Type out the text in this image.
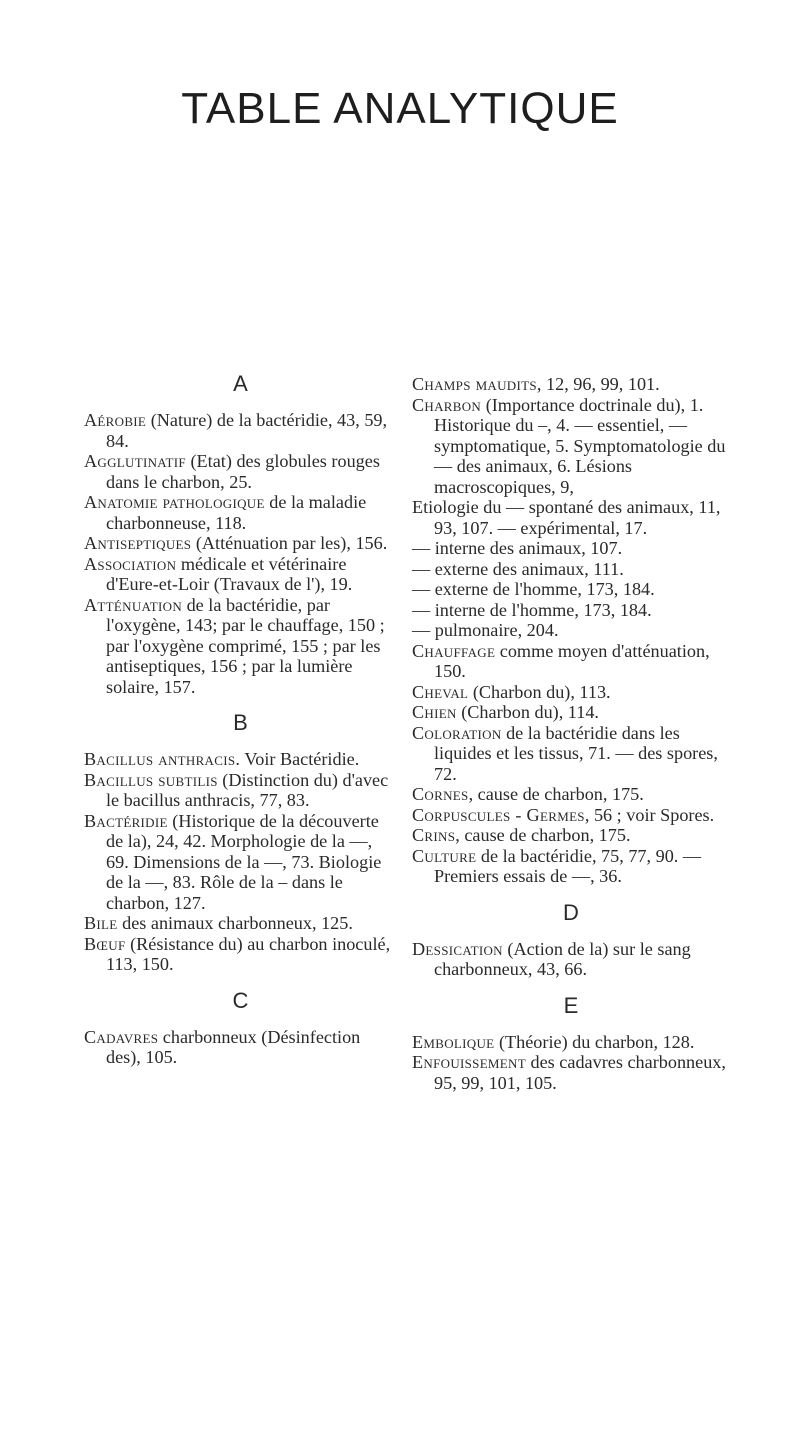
TABLE ANALYTIQUE
A

Aérobie (Nature) de la bactéridie, 43, 59, 84.

Agglutinatif (Etat) des globules rouges dans le charbon, 25.

Anatomie pathologique de la maladie charbonneuse, 118.

Antiseptiques (Atténuation par les), 156.

Association médicale et vétérinaire d'Eure-et-Loir (Travaux de l'), 19.

Atténuation de la bactéridie, par l'oxygène, 143; par le chauffage, 150 ; par l'oxygène comprimé, 155 ; par les antiseptiques, 156 ; par la lumière solaire, 157.

B

Bacillus anthracis. Voir Bactéridie.

Bacillus subtilis (Distinction du) d'avec le bacillus anthracis, 77, 83.

Bactéridie (Historique de la découverte de la), 24, 42. Morphologie de la —, 69. Dimensions de la —, 73. Biologie de la —, 83. Rôle de la – dans le charbon, 127.

Bile des animaux charbonneux, 125.

Bœuf (Résistance du) au charbon inoculé, 113, 150.

C

Cadavres charbonneux (Désinfection des), 105.

Champs maudits, 12, 96, 99, 101.

Charbon (Importance doctrinale du), 1. Historique du –, 4. — essentiel, — symptomatique, 5. Symptomatologie du — des animaux, 6. Lésions macroscopiques, 9,

Etiologie du — spontané des animaux, 11, 93, 107. — expérimental, 17.

— interne des animaux, 107.

— externe des animaux, 111.

— externe de l'homme, 173, 184.

— interne de l'homme, 173, 184.

— pulmonaire, 204.

Chauffage comme moyen d'atténuation, 150.

Cheval (Charbon du), 113.

Chien (Charbon du), 114.

Coloration de la bactéridie dans les liquides et les tissus, 71. — des spores, 72.

Cornes, cause de charbon, 175.

Corpuscules - Germes, 56 ; voir Spores.

Crins, cause de charbon, 175.

Culture de la bactéridie, 75, 77, 90. — Premiers essais de —, 36.

D

Dessication (Action de la) sur le sang charbonneux, 43, 66.

E

Embolique (Théorie) du charbon, 128.

Enfouissement des cadavres charbonneux, 95, 99, 101, 105.
